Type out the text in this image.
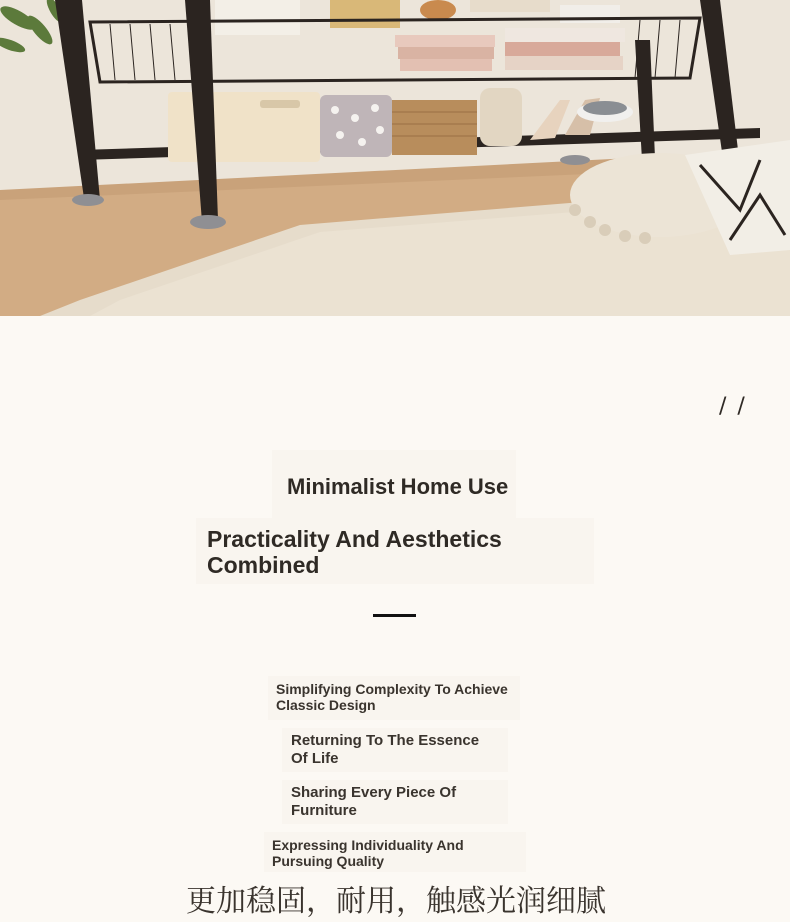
/ /
Minimalist Home Use
Practicality And Aesthetics
Combined
Simplifying Complexity To Achieve
Classic Design
Returning To The Essence
Of Life
Sharing Every Piece Of
Furniture
Expressing Individuality And
Pursuing Quality
更加稳固，耐用，触感光润细腻
